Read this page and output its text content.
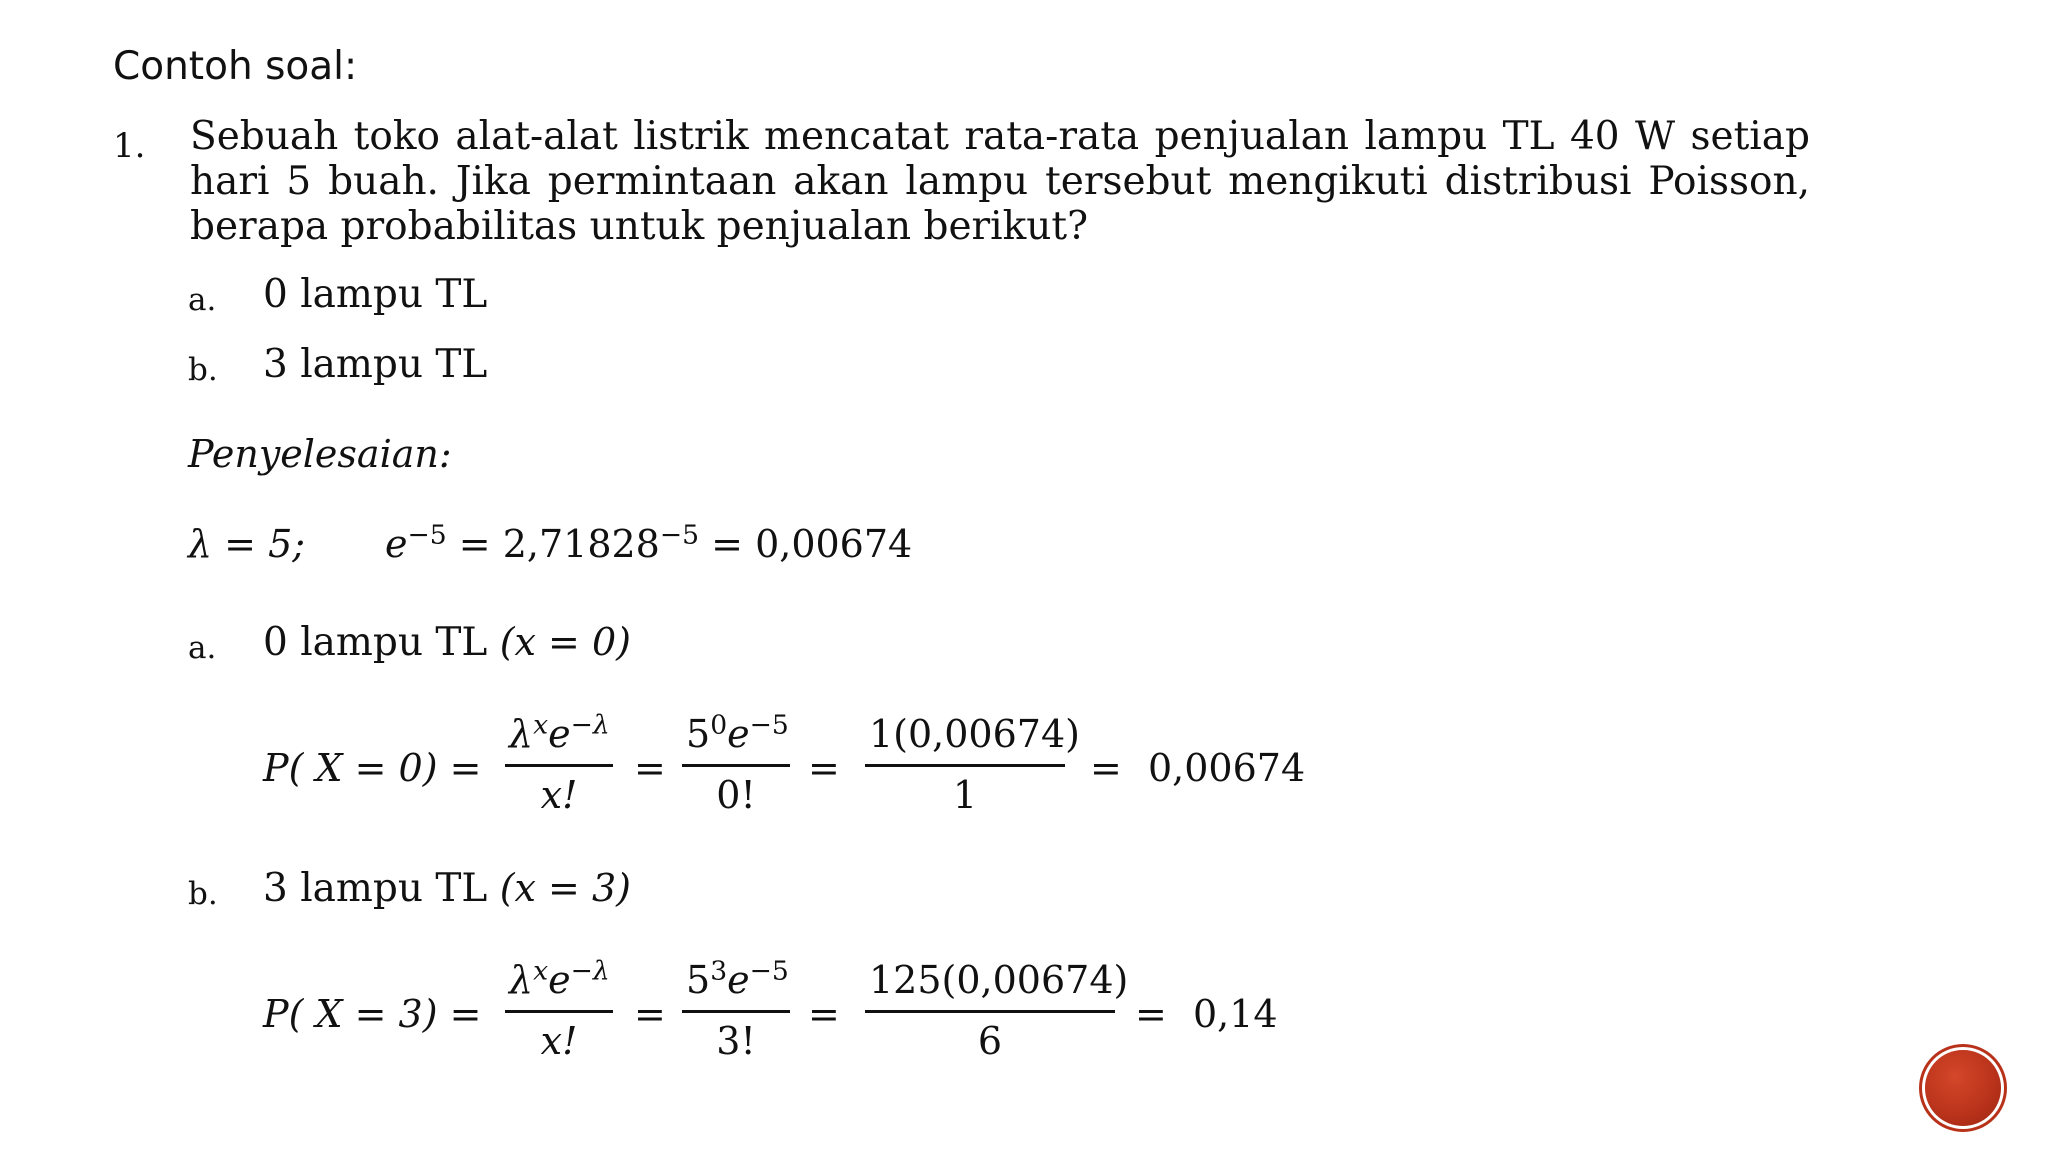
Contoh soal:
1. Sebuah toko alat-alat listrik mencatat rata-rata penjualan lampu TL 40 W setiap hari 5 buah. Jika permintaan akan lampu tersebut mengikuti distribusi Poisson, berapa probabilitas untuk penjualan berikut?
a. 0 lampu TL
b. 3 lampu TL
Penyelesaian:
λ = 5; $e^{-5} = 2,71828^{-5} = 0,00674$
a. 0 lampu TL (x = 0)
P( X = 0) =
$\lambda^xe^{-\lambda}$
x!
=
$5^0e^{-5}$
0!
=
1(0,00674)
1
= 0,00674
b. 3 lampu TL (x = 3)
P( X = 3) =
$\lambda^xe^{-\lambda}$
x!
=
$5^3e^{-5}$
3!
=
125(0,00674)
6
= 0,14
